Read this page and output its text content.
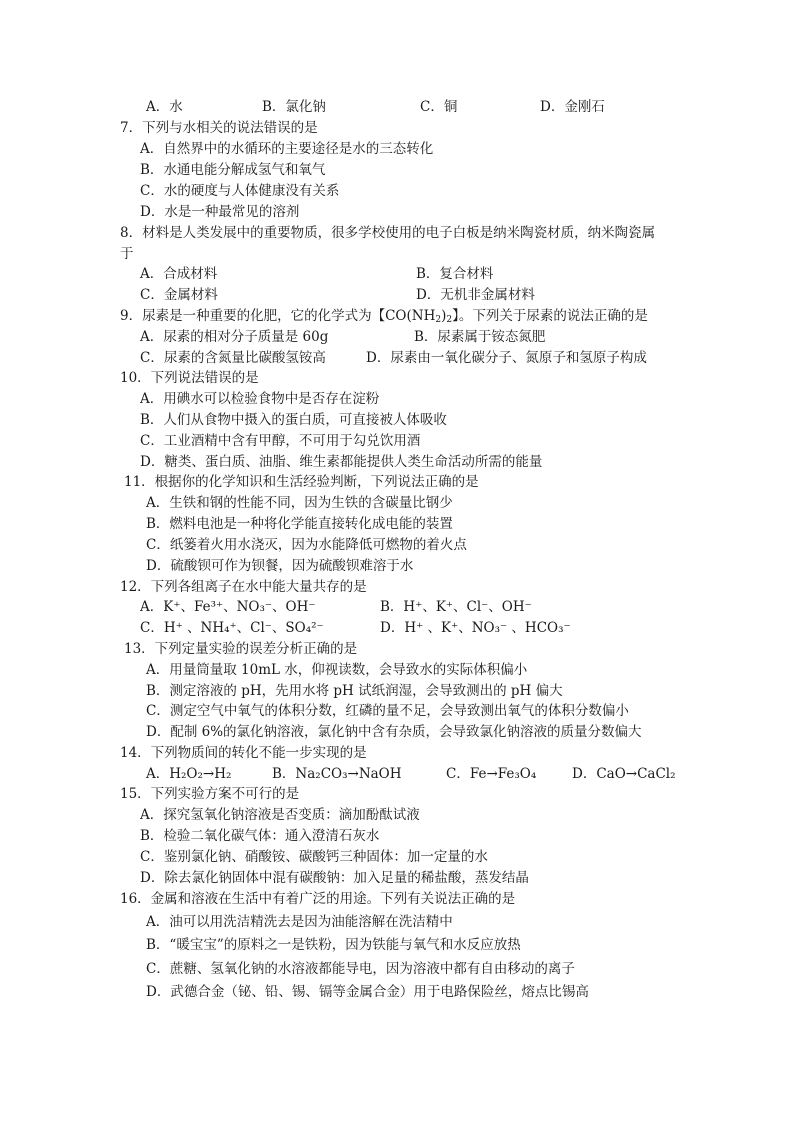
A．水	B．氯化钠	C．铜	D．金刚石
7．下列与水相关的说法错误的是
A．自然界中的水循环的主要途径是水的三态转化
B．水通电能分解成氢气和氧气
C．水的硬度与人体健康没有关系
D．水是一种最常见的溶剂
8．材料是人类发展中的重要物质，很多学校使用的电子白板是纳米陶瓷材质，纳米陶瓷属
于
A．合成材料	B．复合材料
C．金属材料	D．无机非金属材料
9．尿素是一种重要的化肥，它的化学式为【$CO(NH_2)_2$】。下列关于尿素的说法正确的是
A．尿素的相对分子质量是 60g	B．尿素属于铵态氮肥
C．尿素的含氮量比碳酸氢铵高	D．尿素由一氧化碳分子、氮原子和氢原子构成
10．下列说法错误的是
A．用碘水可以检验食物中是否存在淀粉
B．人们从食物中摄入的蛋白质，可直接被人体吸收
C．工业酒精中含有甲醇，不可用于勾兑饮用酒
D．糖类、蛋白质、油脂、维生素都能提供人类生命活动所需的能量
11．根据你的化学知识和生活经验判断，下列说法正确的是
A．生铁和钢的性能不同，因为生铁的含碳量比钢少
B．燃料电池是一种将化学能直接转化成电能的装置
C．纸篓着火用水浇灭，因为水能降低可燃物的着火点
D．硫酸钡可作为钡餐，因为硫酸钡难溶于水
12．下列各组离子在水中能大量共存的是
A．K⁺、Fe³⁺、NO₃⁻、OH⁻	B．H⁺、K⁺、Cl⁻、OH⁻
C．H⁺ 、NH₄⁺、Cl⁻、SO₄²⁻	D．H⁺ 、K⁺、NO₃⁻ 、HCO₃⁻
13．下列定量实验的误差分析正确的是
A．用量筒量取 10mL 水，仰视读数，会导致水的实际体积偏小
B．测定溶液的 pH，先用水将 pH 试纸润湿，会导致测出的 pH 偏大
C．测定空气中氧气的体积分数，红磷的量不足，会导致测出氧气的体积分数偏小
D．配制 6%的氯化钠溶液，氯化钠中含有杂质，会导致氯化钠溶液的质量分数偏大
14．下列物质间的转化不能一步实现的是
A．H₂O₂→H₂	B．Na₂CO₃→NaOH	C．Fe→Fe₃O₄	D．CaO→CaCl₂
15．下列实验方案不可行的是
A．探究氢氧化钠溶液是否变质：滴加酚酞试液
B．检验二氧化碳气体：通入澄清石灰水
C．鉴别氯化钠、硝酸铵、碳酸钙三种固体：加一定量的水
D．除去氯化钠固体中混有碳酸钠：加入足量的稀盐酸，蒸发结晶
16．金属和溶液在生活中有着广泛的用途。下列有关说法正确的是
A．油可以用洗洁精洗去是因为油能溶解在洗洁精中
B．“暖宝宝”的原料之一是铁粉，因为铁能与氧气和水反应放热
C．蔗糖、氢氧化钠的水溶液都能导电，因为溶液中都有自由移动的离子
D．武德合金（铋、铅、锡、镉等金属合金）用于电路保险丝，熔点比锡高
